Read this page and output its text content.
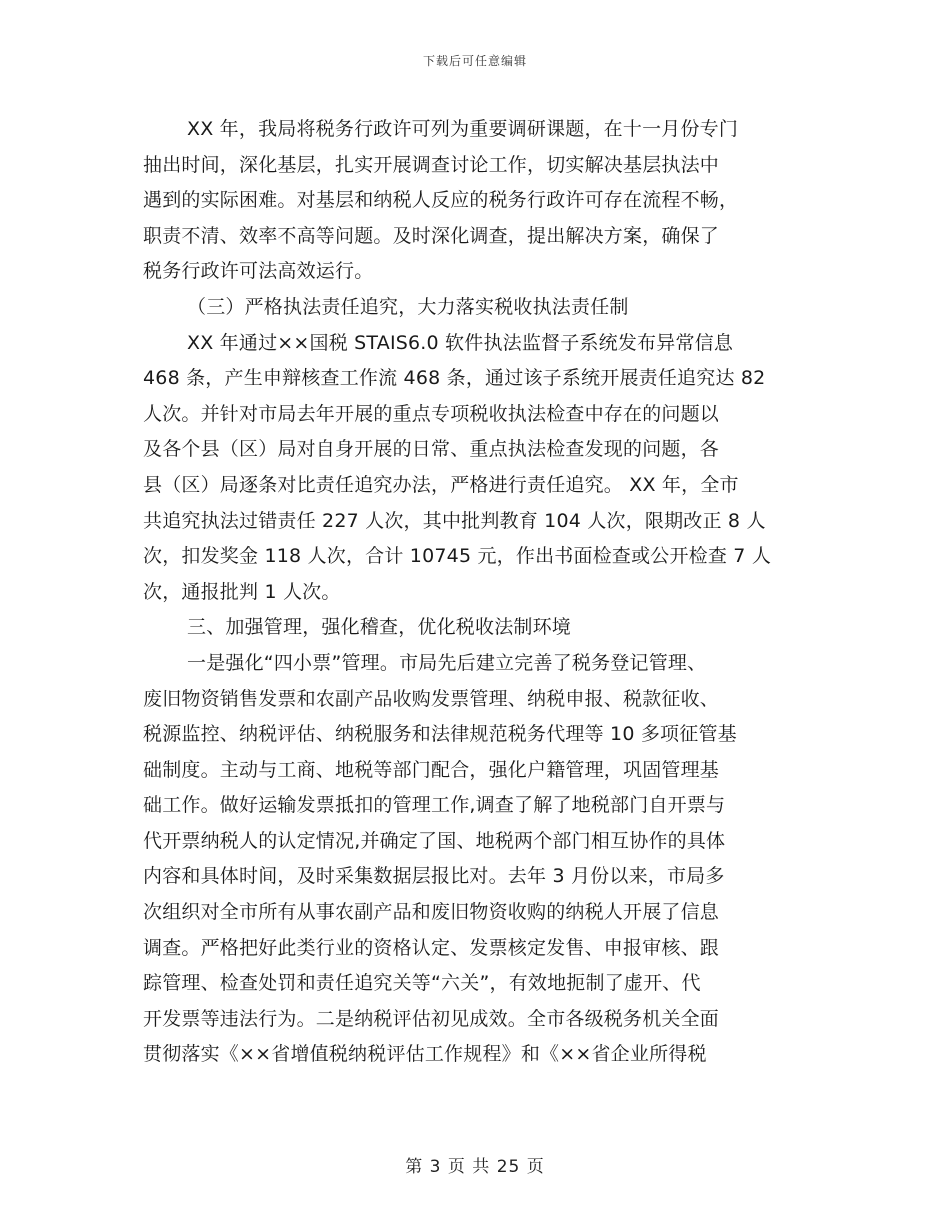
下载后可任意编辑
XX 年，我局将税务行政许可列为重要调研课题，在十一月份专门
抽出时间，深化基层，扎实开展调查讨论工作，切实解决基层执法中
遇到的实际困难。对基层和纳税人反应的税务行政许可存在流程不畅，
职责不清、效率不高等问题。及时深化调查，提出解决方案，确保了
税务行政许可法高效运行。
（三）严格执法责任追究，大力落实税收执法责任制
XX 年通过××国税 STAIS6.0 软件执法监督子系统发布异常信息
468 条，产生申辩核查工作流 468 条，通过该子系统开展责任追究达 82
人次。并针对市局去年开展的重点专项税收执法检查中存在的问题以
及各个县（区）局对自身开展的日常、重点执法检查发现的问题，各
县（区）局逐条对比责任追究办法，严格进行责任追究。 XX 年，全市
共追究执法过错责任 227 人次，其中批判教育 104 人次，限期改正 8 人
次，扣发奖金 118 人次，合计 10745 元，作出书面检查或公开检查 7 人
次，通报批判 1 人次。
三、加强管理，强化稽查，优化税收法制环境
一是强化“四小票”管理。市局先后建立完善了税务登记管理、
废旧物资销售发票和农副产品收购发票管理、纳税申报、税款征收、
税源监控、纳税评估、纳税服务和法律规范税务代理等 10 多项征管基
础制度。主动与工商、地税等部门配合，强化户籍管理，巩固管理基
础工作。做好运输发票抵扣的管理工作,调查了解了地税部门自开票与
代开票纳税人的认定情况,并确定了国、地税两个部门相互协作的具体
内容和具体时间，及时采集数据层报比对。去年 3 月份以来，市局多
次组织对全市所有从事农副产品和废旧物资收购的纳税人开展了信息
调查。严格把好此类行业的资格认定、发票核定发售、申报审核、跟
踪管理、检查处罚和责任追究关等“六关”，有效地扼制了虚开、代
开发票等违法行为。二是纳税评估初见成效。全市各级税务机关全面
贯彻落实《××省增值税纳税评估工作规程》和《××省企业所得税
第 3 页 共 25 页
